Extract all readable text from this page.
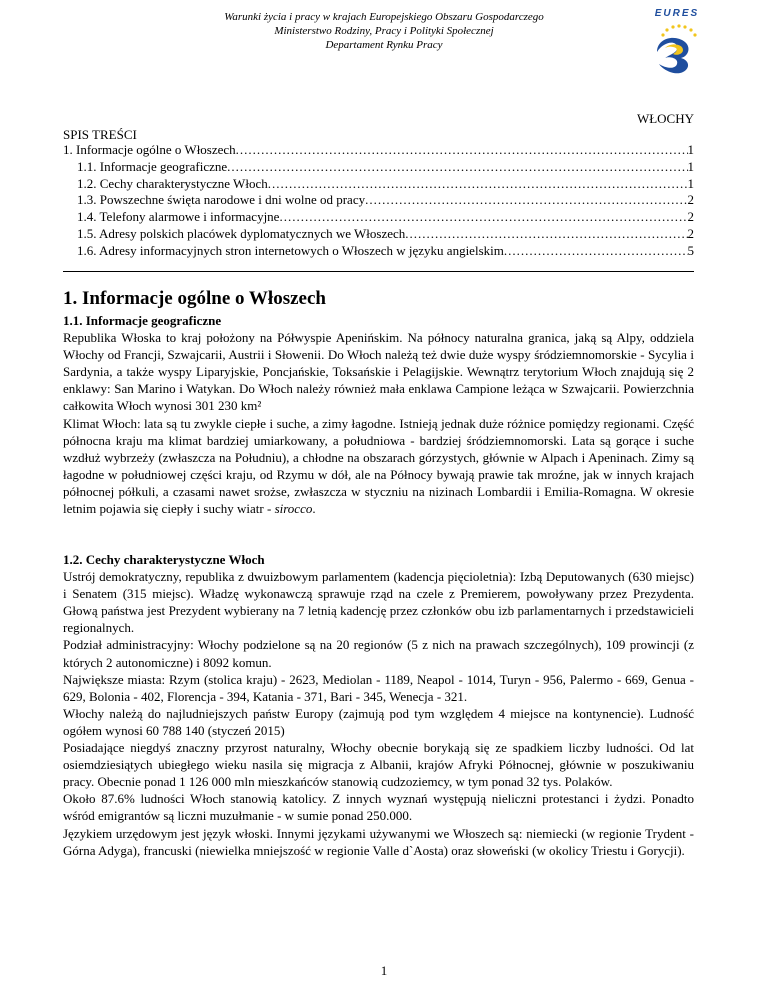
Warunki życia i pracy w krajach Europejskiego Obszaru Gospodarczego
Ministerstwo Rodziny, Pracy i Polityki Społecznej
Departament Rynku Pracy
EURES
WŁOCHY
SPIS TREŚCI
1. Informacje ogólne o Włoszech .....	1
1.1. Informacje geograficzne .....	1
1.2. Cechy charakterystyczne Włoch .....	1
1.3. Powszechne święta narodowe i dni wolne od pracy .....	2
1.4. Telefony alarmowe i informacyjne .....	2
1.5. Adresy polskich placówek dyplomatycznych we Włoszech .....	2
1.6. Adresy informacyjnych stron internetowych o Włoszech w języku angielskim .....	5
1. Informacje ogólne o Włoszech

1.1. Informacje geograficzne

Republika Włoska to kraj położony na Półwyspie Apenińskim. Na północy naturalna granica, jaką są Alpy, oddziela Włochy od Francji, Szwajcarii, Austrii i Słowenii. Do Włoch należą też dwie duże wyspy śródziemnomorskie - Sycylia i Sardynia, a także wyspy Liparyjskie, Poncjańskie, Toksańskie i Pelagijskie. Wewnątrz terytorium Włoch znajdują się 2 enklawy: San Marino i Watykan. Do Włoch należy również mała enklawa Campione leżąca w Szwajcarii. Powierzchnia całkowita Włoch wynosi 301 230 km²

Klimat Włoch: lata są tu zwykle ciepłe i suche, a zimy łagodne. Istnieją jednak duże różnice pomiędzy regionami. Część północna kraju ma klimat bardziej umiarkowany, a południowa - bardziej śródziemnomorski. Lata są gorące i suche wzdłuż wybrzeży (zwłaszcza na Południu), a chłodne na obszarach górzystych, głównie w Alpach i Apeninach. Zimy są łagodne w południowej części kraju, od Rzymu w dół, ale na Północy bywają prawie tak mroźne, jak w innych krajach północnej półkuli, a czasami nawet srożse, zwłaszcza w styczniu na nizinach Lombardii i Emilia-Romagna. W okresie letnim pojawia się ciepły i suchy wiatr - sirocco.

1.2. Cechy charakterystyczne Włoch

Ustrój demokratyczny, republika z dwuizbowym parlamentem (kadencja pięcioletnia): Izbą Deputowanych (630 miejsc) i Senatem (315 miejsc). Władzę wykonawczą sprawuje rząd na czele z Premierem, powoływany przez Prezydenta. Głową państwa jest Prezydent wybierany na 7 letnią kadencję przez członków obu izb parlamentarnych i przedstawicieli regionalnych.

Podział administracyjny: Włochy podzielone są na 20 regionów (5 z nich na prawach szczególnych), 109 prowincji (z których 2 autonomiczne) i 8092 komun.

Największe miasta: Rzym (stolica kraju) - 2623, Mediolan - 1189, Neapol - 1014, Turyn - 956, Palermo - 669, Genua - 629, Bolonia - 402, Florencja - 394, Katania - 371, Bari - 345, Wenecja - 321.

Włochy należą do najludniejszych państw Europy (zajmują pod tym względem 4 miejsce na kontynencie). Ludność ogółem wynosi 60 788 140 (styczeń 2015)

Posiadające niegdyś znaczny przyrost naturalny, Włochy obecnie borykają się ze spadkiem liczby ludności. Od lat osiemdziesiątych ubiegłego wieku nasila się migracja z Albanii, krajów Afryki Północnej, głównie w poszukiwaniu pracy. Obecnie ponad 1 126 000 mln mieszkańców stanowią cudzoziemcy, w tym ponad 32 tys. Polaków.

Około 87.6% ludności Włoch stanowią katolicy. Z innych wyznań występują nieliczni protestanci i żydzi. Ponadto wśród emigrantów są liczni muzułmanie - w sumie ponad 250.000.

Językiem urzędowym jest język włoski. Innymi językami używanymi we Włoszech są: niemiecki (w regionie Trydent - Górna Adyga), francuski (niewielka mniejszość w regionie Valle d`Aosta) oraz słoweński (w okolicy Triestu i Gorycji).

1
